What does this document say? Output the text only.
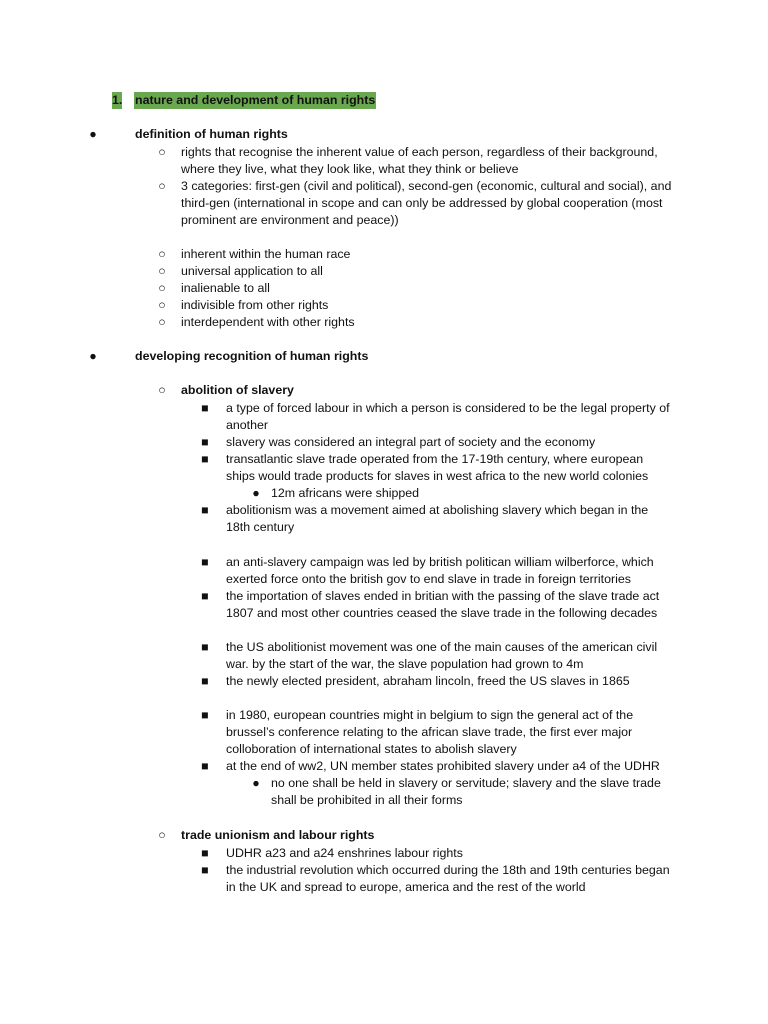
1. nature and development of human rights
●	definition of human rights
○ rights that recognise the inherent value of each person, regardless of their background,
where they live, what they look like, what they think or believe
○ 3 categories: first-gen (civil and political), second-gen (economic, cultural and social), and
third-gen (international in scope and can only be addressed by global cooperation (most
prominent are environment and peace))
○ inherent within the human race
○ universal application to all
○ inalienable to all
○ indivisible from other rights
○ interdependent with other rights
●	developing recognition of human rights
○ abolition of slavery
■ a type of forced labour in which a person is considered to be the legal property of
another
■ slavery was considered an integral part of society and the economy
■ transatlantic slave trade operated from the 17-19th century, where european
ships would trade products for slaves in west africa to the new world colonies
● 12m africans were shipped
■ abolitionism was a movement aimed at abolishing slavery which began in the
18th century
■ an anti-slavery campaign was led by british politican william wilberforce, which
exerted force onto the british gov to end slave in trade in foreign territories
■ the importation of slaves ended in britian with the passing of the slave trade act
1807 and most other countries ceased the slave trade in the following decades
■ the US abolitionist movement was one of the main causes of the american civil
war. by the start of the war, the slave population had grown to 4m
■ the newly elected president, abraham lincoln, freed the US slaves in 1865
■ in 1980, european countries might in belgium to sign the general act of the
brussel’s conference relating to the african slave trade, the first ever major
colloboration of international states to abolish slavery
■ at the end of ww2, UN member states prohibited slavery under a4 of the UDHR
● no one shall be held in slavery or servitude; slavery and the slave trade
shall be prohibited in all their forms
○ trade unionism and labour rights
■ UDHR a23 and a24 enshrines labour rights
■ the industrial revolution which occurred during the 18th and 19th centuries began
in the UK and spread to europe, america and the rest of the world
